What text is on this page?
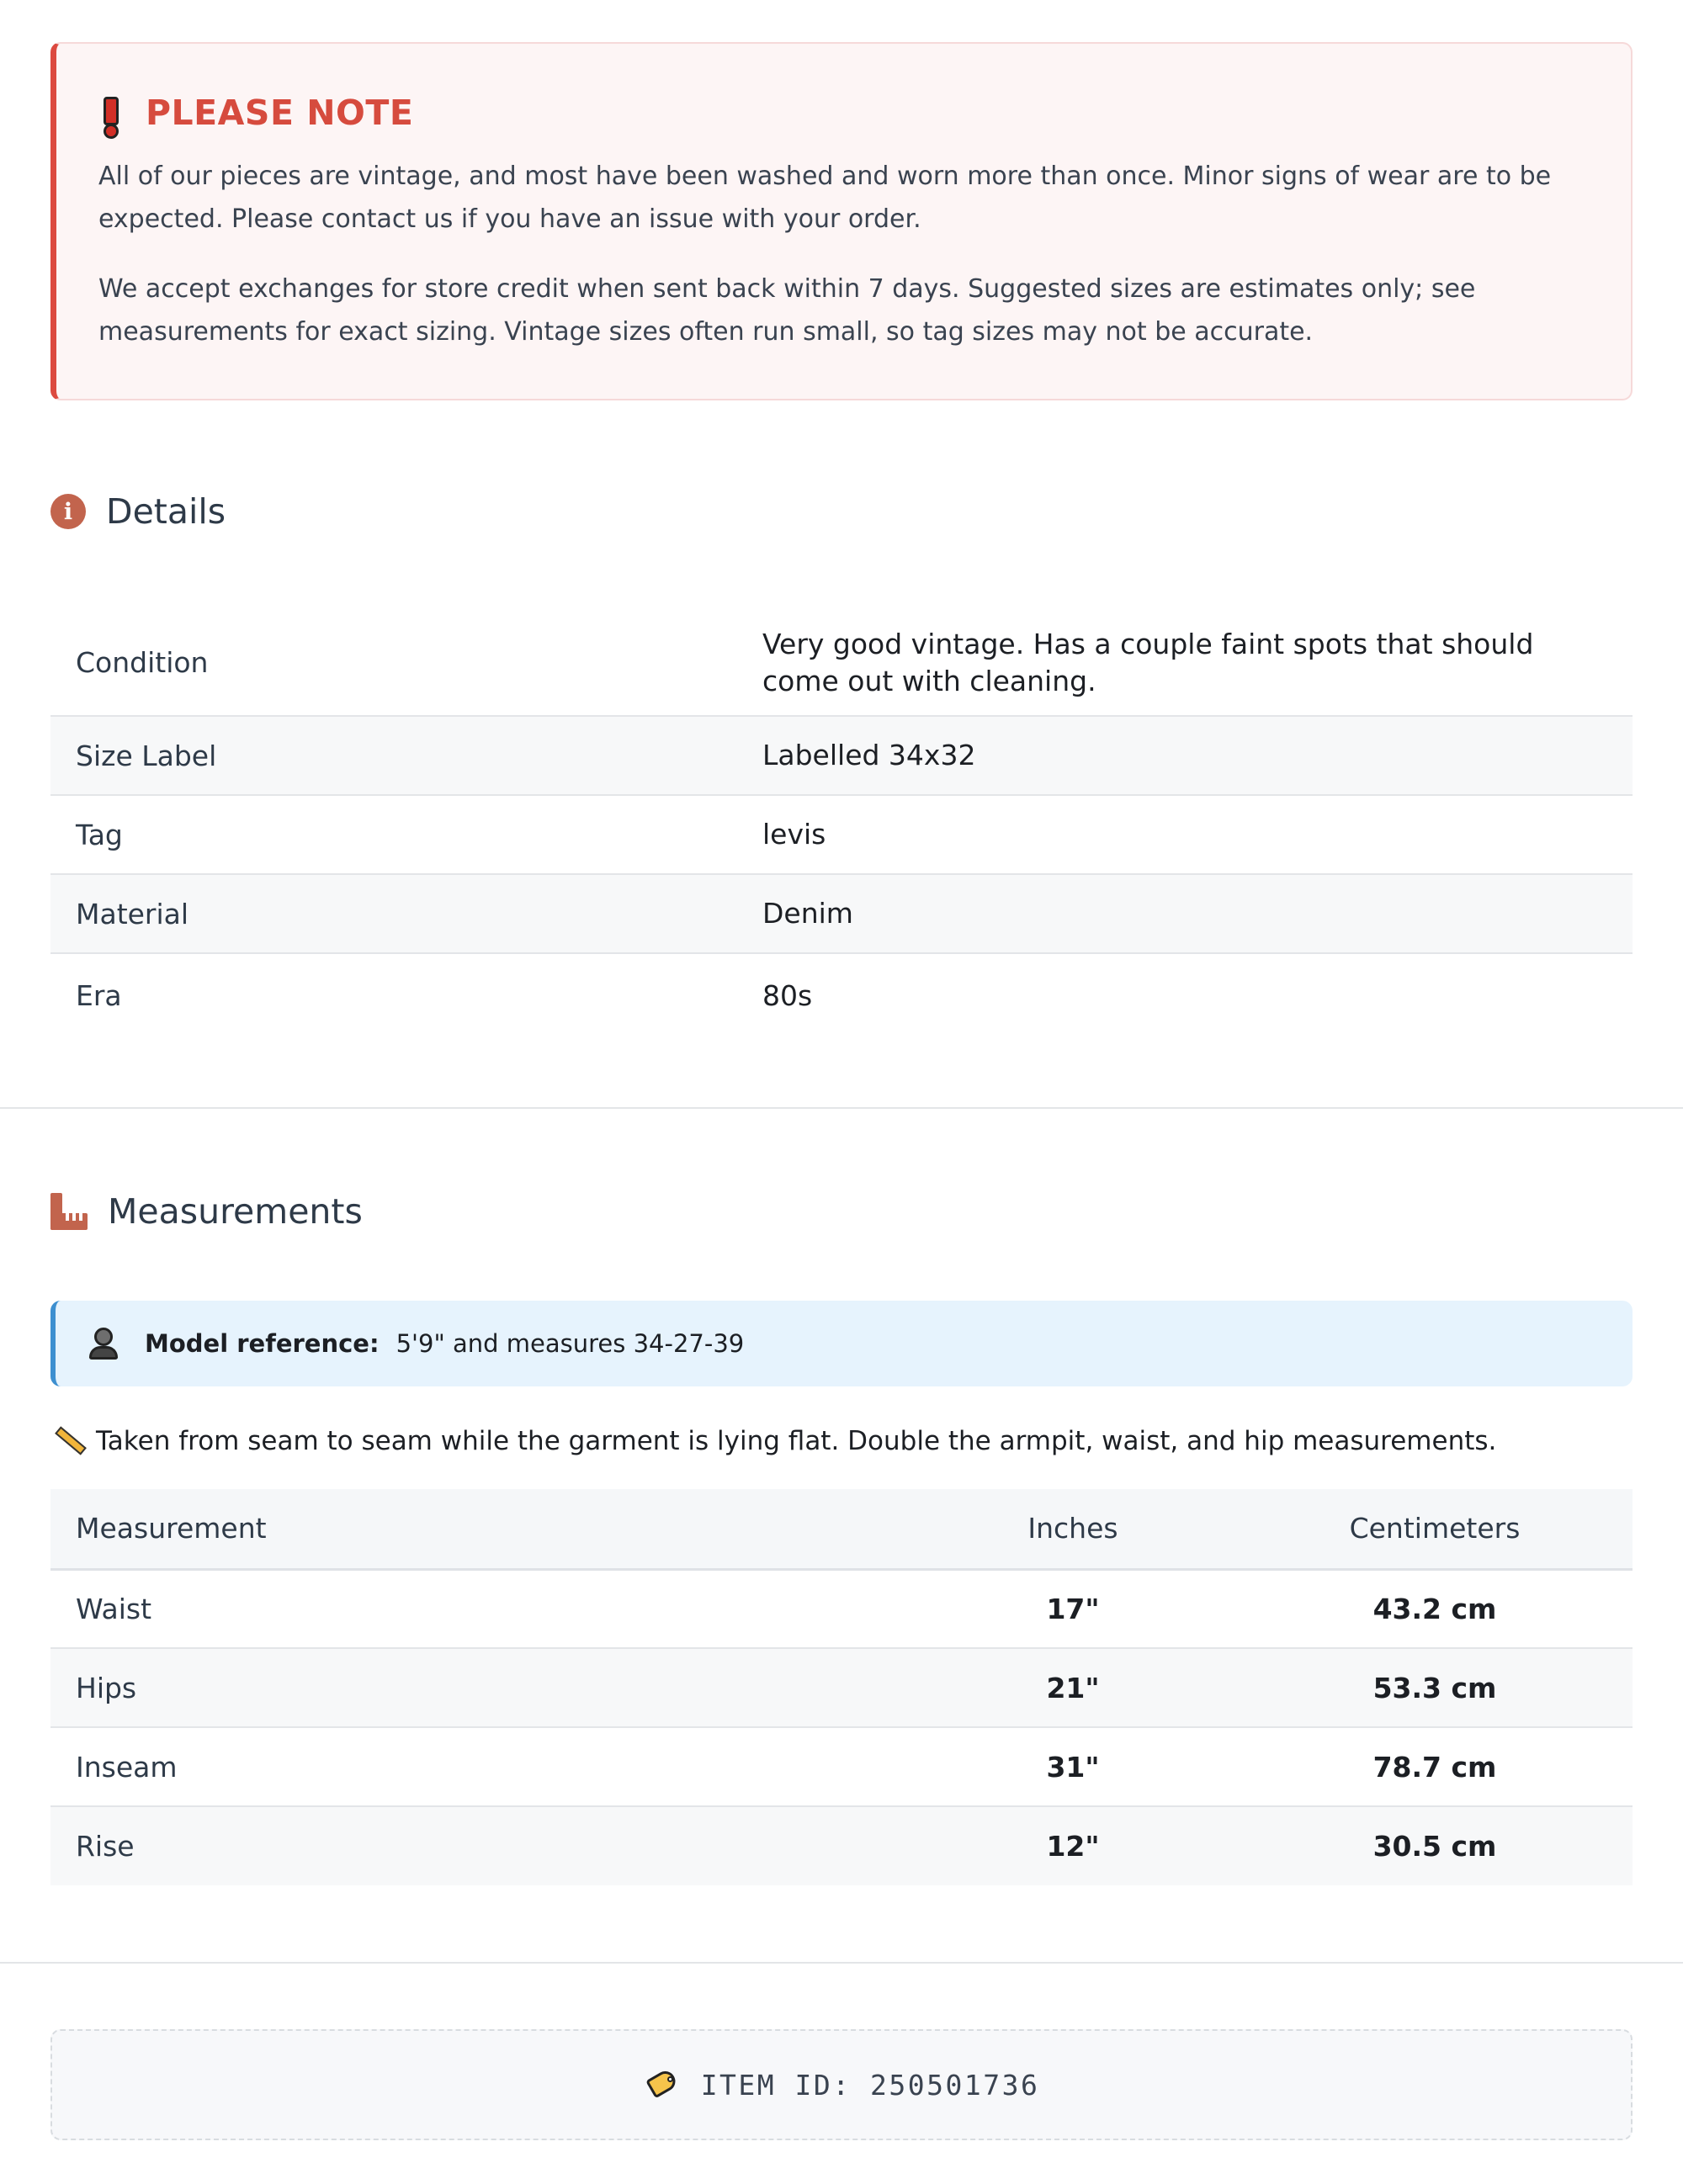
PLEASE NOTE

All of our pieces are vintage, and most have been washed and worn more than once. Minor signs of wear are to be expected. Please contact us if you have an issue with your order.

We accept exchanges for store credit when sent back within 7 days. Suggested sizes are estimates only; see measurements for exact sizing. Vintage sizes often run small, so tag sizes may not be accurate.

i Details
Condition	Very good vintage. Has a couple faint spots that should come out with cleaning.
Size Label	Labelled 34x32
Tag	levis
Material	Denim
Era	80s
Measurements
Model reference: 5'9" and measures 34-27-39
Taken from seam to seam while the garment is lying flat. Double the armpit, waist, and hip measurements.
Measurement	Inches	Centimeters
Waist	17"	43.2 cm
Hips	21"	53.3 cm
Inseam	31"	78.7 cm
Rise	12"	30.5 cm
ITEM ID: 250501736
